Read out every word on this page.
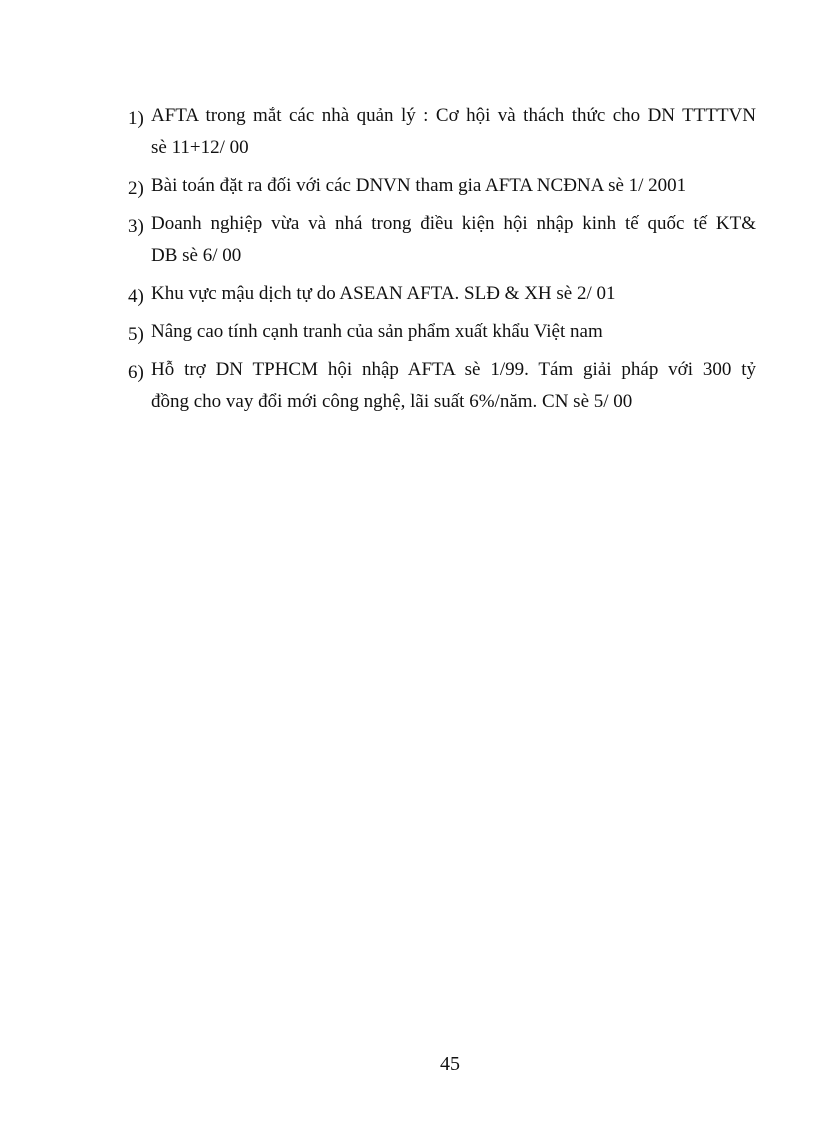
1) AFTA trong mắt các nhà quản lý : Cơ hội và thách thức cho DN TTTTVN
sè 11+12/ 00
2) Bài toán đặt ra đối với các DNVN tham gia AFTA NCĐNA sè 1/ 2001
3) Doanh nghiệp vừa và nhá trong điều kiện hội nhập kinh tế quốc tế KT&
DB sè 6/ 00
4) Khu vực mậu dịch tự do ASEAN AFTA. SLĐ & XH sè 2/ 01
5) Nâng cao tính cạnh tranh của sản phẩm xuất khẩu Việt nam
6) Hỗ trợ DN TPHCM hội nhập AFTA sè 1/99. Tám giải pháp với 300 tỷ
đồng cho vay đổi mới công nghệ, lãi suất 6%/năm. CN sè 5/ 00
45
